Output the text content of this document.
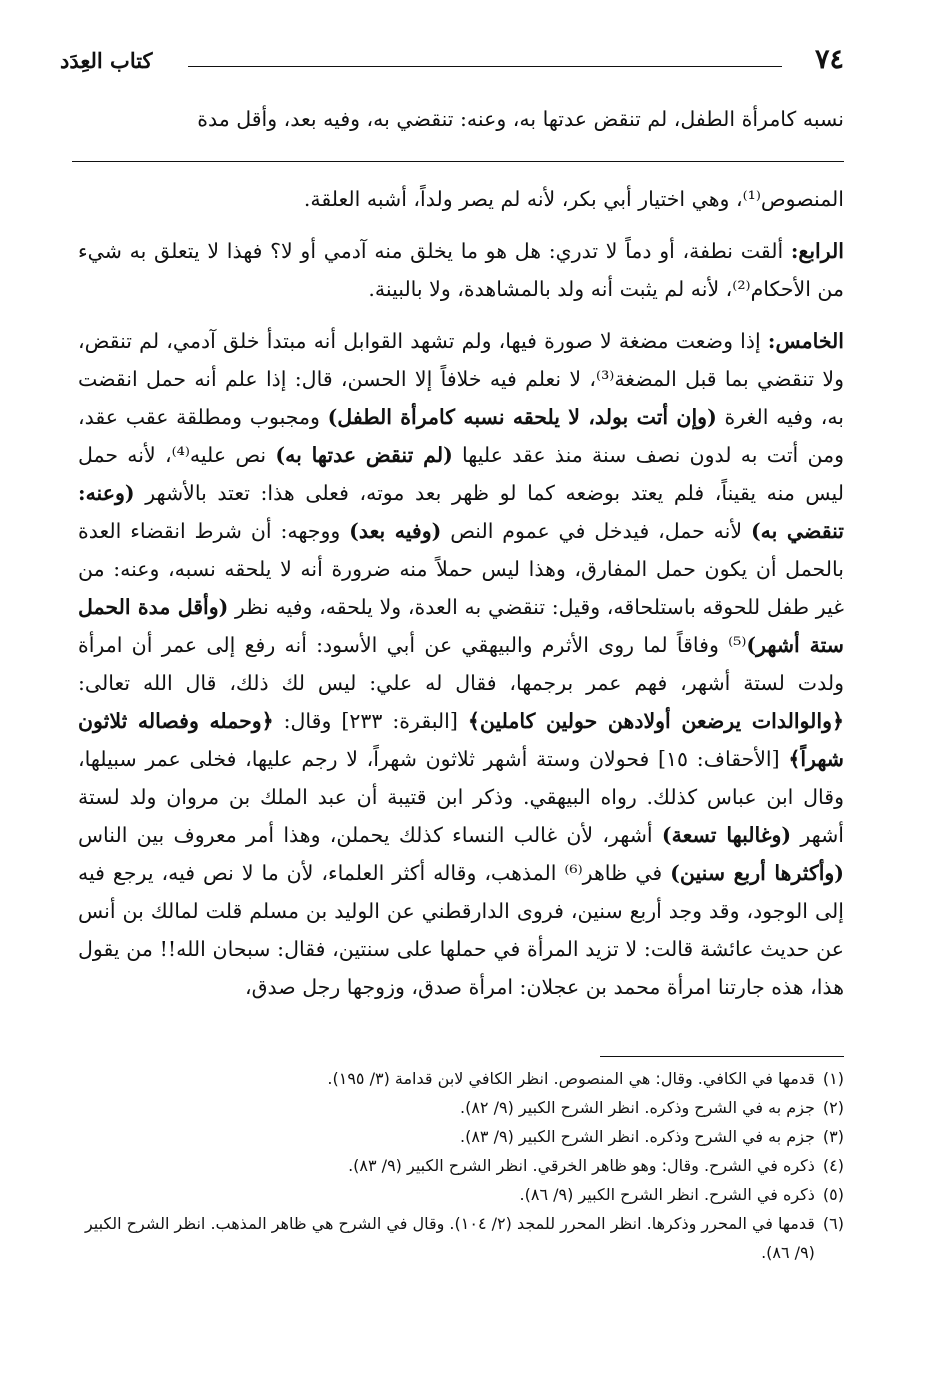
٧٤
كتاب العِدَد

نسبه كامرأة الطفل، لم تنقض عدتها به، وعنه: تنقضي به، وفيه بعد، وأقل مدة

المنصوص⁽¹⁾، وهي اختيار أبي بكر، لأنه لم يصر ولداً، أشبه العلقة.

الرابع: ألقت نطفة، أو دماً لا تدري: هل هو ما يخلق منه آدمي أو لا؟ فهذا لا يتعلق به شيء من الأحكام⁽²⁾، لأنه لم يثبت أنه ولد بالمشاهدة، ولا بالبينة.

الخامس: إذا وضعت مضغة لا صورة فيها، ولم تشهد القوابل أنه مبتدأ خلق آدمي، لم تنقض، ولا تنقضي بما قبل المضغة⁽³⁾، لا نعلم فيه خلافاً إلا الحسن، قال: إذا علم أنه حمل انقضت به، وفيه الغرة (وإن أتت بولد، لا يلحقه نسبه كامرأة الطفل) ومجبوب ومطلقة عقب عقد، ومن أتت به لدون نصف سنة منذ عقد عليها (لم تنقض عدتها به) نص عليه⁽⁴⁾، لأنه حمل ليس منه يقيناً، فلم يعتد بوضعه كما لو ظهر بعد موته، فعلى هذا: تعتد بالأشهر (وعنه: تنقضي به) لأنه حمل، فيدخل في عموم النص (وفيه بعد) ووجهه: أن شرط انقضاء العدة بالحمل أن يكون حمل المفارق، وهذا ليس حملاً منه ضرورة أنه لا يلحقه نسبه، وعنه: من غير طفل للحوقه باستلحاقه، وقيل: تنقضي به العدة، ولا يلحقه، وفيه نظر (وأقل مدة الحمل ستة أشهر)⁽⁵⁾ وفاقاً لما روى الأثرم والبيهقي عن أبي الأسود: أنه رفع إلى عمر أن امرأة ولدت لستة أشهر، فهم عمر برجمها، فقال له علي: ليس لك ذلك، قال الله تعالى: ﴿والوالدات يرضعن أولادهن حولين كاملين﴾ [البقرة: ٢٣٣] وقال: ﴿وحمله وفصاله ثلاثون شهراً﴾ [الأحقاف: ١٥] فحولان وستة أشهر ثلاثون شهراً، لا رجم عليها، فخلى عمر سبيلها، وقال ابن عباس كذلك. رواه البيهقي. وذكر ابن قتيبة أن عبد الملك بن مروان ولد لستة أشهر (وغالبها تسعة) أشهر، لأن غالب النساء كذلك يحملن، وهذا أمر معروف بين الناس (وأكثرها أربع سنين) في ظاهر⁽⁶⁾ المذهب، وقاله أكثر العلماء، لأن ما لا نص فيه، يرجع فيه إلى الوجود، وقد وجد أربع سنين، فروى الدارقطني عن الوليد بن مسلم قلت لمالك بن أنس عن حديث عائشة قالت: لا تزيد المرأة في حملها على سنتين، فقال: سبحان الله!! من يقول هذا، هذه جارتنا امرأة محمد بن عجلان: امرأة صدق، وزوجها رجل صدق،

(١)
قدمها في الكافي. وقال: هي المنصوص. انظر الكافي لابن قدامة (٣/ ١٩٥).
(٢)
جزم به في الشرح وذكره. انظر الشرح الكبير (٩/ ٨٢).
(٣)
جزم به في الشرح وذكره. انظر الشرح الكبير (٩/ ٨٣).
(٤)
ذكره في الشرح. وقال: وهو ظاهر الخرقي. انظر الشرح الكبير (٩/ ٨٣).
(٥)
ذكره في الشرح. انظر الشرح الكبير (٩/ ٨٦).
(٦)
قدمها في المحرر وذكرها. انظر المحرر للمجد (٢/ ١٠٤). وقال في الشرح هي ظاهر المذهب. انظر الشرح الكبير (٩/ ٨٦).
